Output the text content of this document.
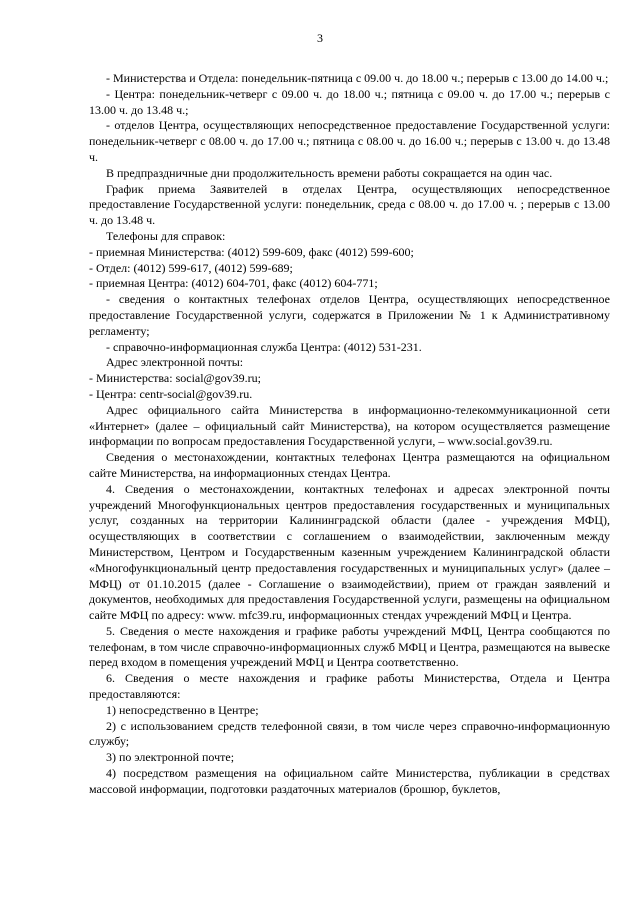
3

- Министерства и Отдела: понедельник-пятница с 09.00 ч. до 18.00 ч.; перерыв с 13.00 до 14.00 ч.;

- Центра: понедельник-четверг с 09.00 ч. до 18.00 ч.; пятница с 09.00 ч. до 17.00 ч.; перерыв с 13.00 ч. до 13.48 ч.;

- отделов Центра, осуществляющих непосредственное предоставление Государственной услуги: понедельник-четверг с 08.00 ч. до 17.00 ч.; пятница с 08.00 ч. до 16.00 ч.; перерыв с 13.00 ч. до 13.48 ч.

В предпраздничные дни продолжительность времени работы сокращается на один час.

График приема Заявителей в отделах Центра, осуществляющих непосредственное предоставление Государственной услуги: понедельник, среда с 08.00 ч. до 17.00 ч. ; перерыв с 13.00 ч. до 13.48 ч.

Телефоны для справок:

- приемная Министерства: (4012) 599-609, факс (4012) 599-600;

- Отдел: (4012) 599-617, (4012) 599-689;

- приемная Центра: (4012) 604-701, факс (4012) 604-771;

- сведения о контактных телефонах отделов Центра, осуществляющих непосредственное предоставление Государственной услуги, содержатся в Приложении № 1 к Административному регламенту;

- справочно-информационная служба Центра: (4012) 531-231.

Адрес электронной почты:

- Министерства: social@gov39.ru;

- Центра: centr-social@gov39.ru.

Адрес официального сайта Министерства в информационно-телекоммуникационной сети «Интернет» (далее – официальный сайт Министерства), на котором осуществляется размещение информации по вопросам предоставления Государственной услуги, – www.social.gov39.ru.

Сведения о местонахождении, контактных телефонах Центра размещаются на официальном сайте Министерства, на информационных стендах Центра.

4. Сведения о местонахождении, контактных телефонах и адресах электронной почты учреждений Многофункциональных центров предоставления государственных и муниципальных услуг, созданных на территории Калининградской области (далее - учреждения МФЦ), осуществляющих в соответствии с соглашением о взаимодействии, заключенным между Министерством, Центром и Государственным казенным учреждением Калининградской области «Многофункциональный центр предоставления государственных и муниципальных услуг» (далее – МФЦ) от 01.10.2015 (далее - Соглашение о взаимодействии), прием от граждан заявлений и документов, необходимых для предоставления Государственной услуги, размещены на официальном сайте МФЦ по адресу: www. mfc39.ru, информационных стендах учреждений МФЦ и Центра.

5. Сведения о месте нахождения и графике работы учреждений МФЦ, Центра сообщаются по телефонам, в том числе справочно-информационных служб МФЦ и Центра, размещаются на вывеске перед входом в помещения учреждений МФЦ и Центра соответственно.

6. Сведения о месте нахождения и графике работы Министерства, Отдела и Центра предоставляются:

1) непосредственно в Центре;

2) с использованием средств телефонной связи, в том числе через справочно-информационную службу;

3) по электронной почте;

4) посредством размещения на официальном сайте Министерства, публикации в средствах массовой информации, подготовки раздаточных материалов (брошюр, буклетов,
